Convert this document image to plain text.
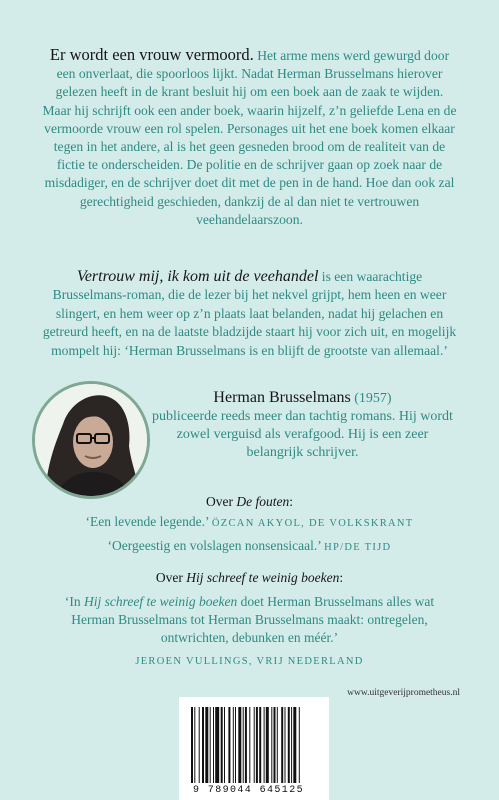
Er wordt een vrouw vermoord. Het arme mens werd gewurgd door een onverlaat, die spoorloos lijkt. Nadat Herman Brusselmans hierover gelezen heeft in de krant besluit hij om een boek aan de zaak te wijden. Maar hij schrijft ook een ander boek, waarin hijzelf, z’n geliefde Lena en de vermoorde vrouw een rol spelen. Personages uit het ene boek komen elkaar tegen in het andere, al is het geen gesneden brood om de realiteit van de fictie te onderscheiden. De politie en de schrijver gaan op zoek naar de misdadiger, en de schrijver doet dit met de pen in de hand. Hoe dan ook zal gerechtigheid geschieden, dankzij de al dan niet te vertrouwen veehandelaarszoon.
Vertrouw mij, ik kom uit de veehandel is een waarachtige Brusselmans-roman, die de lezer bij het nekvel grijpt, hem heen en weer slingert, en hem weer op z’n plaats laat belanden, nadat hij gelachen en getreurd heeft, en na de laatste bladzijde staart hij voor zich uit, en mogelijk mompelt hij: ‘Herman Brusselmans is en blijft de grootste van allemaal.’
Herman Brusselmans (1957)
publiceerde reeds meer dan tachtig romans. Hij wordt zowel verguisd als verafgood. Hij is een zeer belangrijk schrijver.
Over De fouten:
‘Een levende legende.’ ÖZCAN AKYOL, DE VOLKSKRANT
‘Oergeestig en volslagen nonsensicaal.’ HP/DE TIJD
Over Hij schreef te weinig boeken:
‘In Hij schreef te weinig boeken doet Herman Brusselmans alles wat Herman Brusselmans tot Herman Brusselmans maakt: ontregelen, ontwrichten, debunken en méér.’
JEROEN VULLINGS, VRIJ NEDERLAND
www.uitgeverijprometheus.nl
9 789044 645125
